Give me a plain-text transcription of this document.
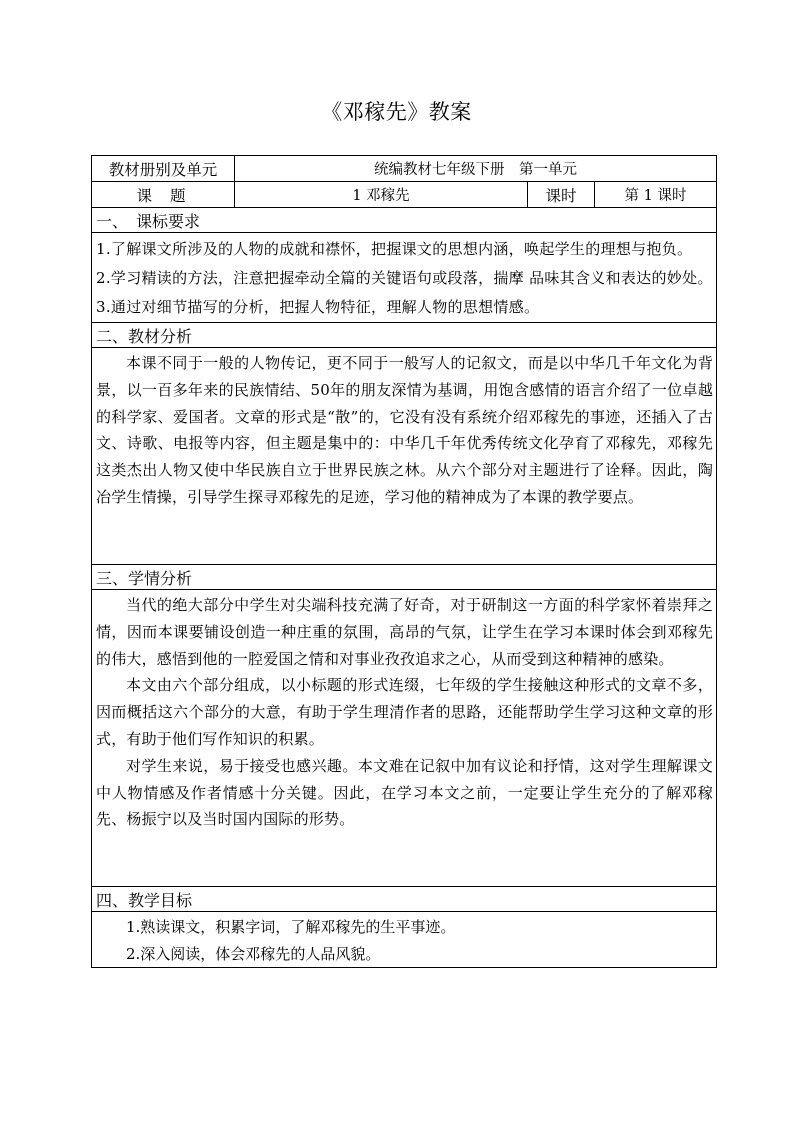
《邓稼先》教案
教材册别及单元	统编教材七年级下册　第一单元		
课题	1 邓稼先	课时	第 1 课时
一、　课标要求			

1.了解课文所涉及的人物的成就和襟怀，把握课文的思想内涵，唤起学生的理想与抱负。
2.学习精读的方法，注意把握牵动全篇的关键语句或段落，揣摩 品味其含义和表达的妙处。
3.通过对细节描写的分析，把握人物特征，理解人物的思想情感。			

二、教材分析			

本课不同于一般的人物传记，更不同于一般写人的记叙文，而是以中华几千年文化为背景，以一百多年来的民族情结、50年的朋友深情为基调，用饱含感情的语言介绍了一位卓越的科学家、爱国者。文章的形式是“散”的，它没有没有系统介绍邓稼先的事迹，还插入了古文、诗歌、电报等内容，但主题是集中的：中华几千年优秀传统文化孕育了邓稼先，邓稼先这类杰出人物又使中华民族自立于世界民族之林。从六个部分对主题进行了诠释。因此，陶冶学生情操，引导学生探寻邓稼先的足迹，学习他的精神成为了本课的教学要点。			

三、学情分析			

当代的绝大部分中学生对尖端科技充满了好奇，对于研制这一方面的科学家怀着崇拜之情，因而本课要铺设创造一种庄重的氛围，高昂的气氛，让学生在学习本课时体会到邓稼先的伟大，感悟到他的一腔爱国之情和对事业孜孜追求之心，从而受到这种精神的感染。

本文由六个部分组成，以小标题的形式连缀，七年级的学生接触这种形式的文章不多，因而概括这六个部分的大意，有助于学生理清作者的思路，还能帮助学生学习这种文章的形式，有助于他们写作知识的积累。

对学生来说，易于接受也感兴趣。本文难在记叙中加有议论和抒情，这对学生理解课文中人物情感及作者情感十分关键。因此，在学习本文之前，一定要让学生充分的了解邓稼先、杨振宁以及当时国内国际的形势。			

四、教学目标			

1.熟读课文，积累字词，了解邓稼先的生平事迹。
2.深入阅读，体会邓稼先的人品风貌。			
